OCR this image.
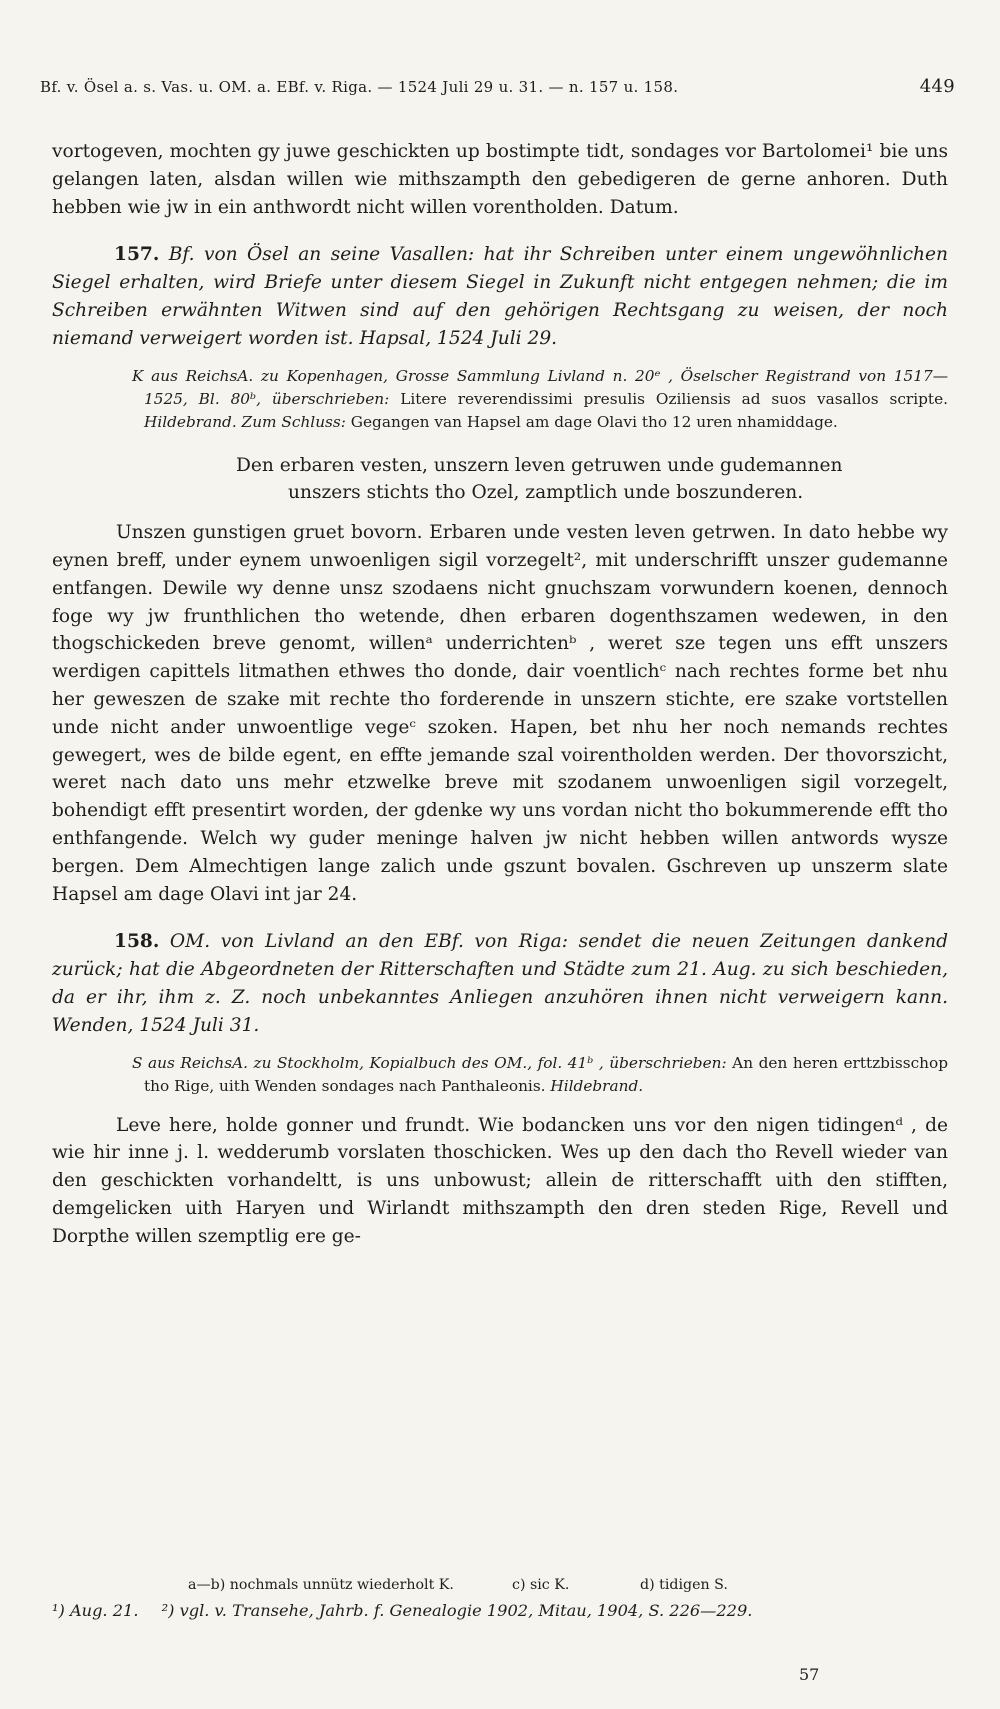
Bf. v. Ösel a. s. Vas. u. OM. a. EBf. v. Riga. — 1524 Juli 29 u. 31. — n. 157 u. 158.	449

vortogeven, mochten gy juwe geschickten up bostimpte tidt, sondages vor Bartolomei¹ bie uns gelangen laten, alsdan willen wie mithszampth den gebedigeren de gerne anhoren. Duth hebben wie jw in ein anthwordt nicht willen vorentholden. Datum.

157. Bf. von Ösel an seine Vasallen: hat ihr Schreiben unter einem ungewöhnlichen Siegel erhalten, wird Briefe unter diesem Siegel in Zukunft nicht entgegen nehmen; die im Schreiben erwähnten Witwen sind auf den gehörigen Rechtsgang zu weisen, der noch niemand verweigert worden ist. Hapsal, 1524 Juli 29.

K aus ReichsA. zu Kopenhagen, Grosse Sammlung Livland n. 20ᵉ , Öselscher Registrand von 1517—1525, Bl. 80ᵇ, überschrieben: Litere reverendissimi presulis Oziliensis ad suos vasallos scripte. Hildebrand. Zum Schluss: Gegangen van Hapsel am dage Olavi tho 12 uren nhamiddage.

Den erbaren vesten, unszern leven getruwen unde gudemannen
unszers stichts tho Ozel, zamptlich unde boszunderen.

Unszen gunstigen gruet bovorn. Erbaren unde vesten leven getrwen. In dato hebbe wy eynen breff, under eynem unwoenligen sigil vorzegelt², mit underschrifft unszer gudemanne entfangen. Dewile wy denne unsz szodaens nicht gnuchszam vorwundern koenen, dennoch foge wy jw frunthlichen tho wetende, dhen erbaren dogenthszamen wedewen, in den thogschickeden breve genomt, willenᵃ underrichtenᵇ , weret sze tegen uns efft unszers werdigen capittels litmathen ethwes tho donde, dair voentlichᶜ nach rechtes forme bet nhu her geweszen de szake mit rechte tho forderende in unszern stichte, ere szake vortstellen unde nicht ander unwoentlige vegeᶜ szoken. Hapen, bet nhu her noch nemands rechtes gewegert, wes de bilde egent, en effte jemande szal voirentholden werden. Der thovorszicht, weret nach dato uns mehr etzwelke breve mit szodanem unwoenligen sigil vorzegelt, bohendigt efft presentirt worden, der gdenke wy uns vordan nicht tho bokummerende efft tho enthfangende. Welch wy guder meninge halven jw nicht hebben willen antwords wysze bergen. Dem Almechtigen lange zalich unde gszunt bovalen. Gschreven up unszerm slate Hapsel am dage Olavi int jar 24.

158. OM. von Livland an den EBf. von Riga: sendet die neuen Zeitungen dankend zurück; hat die Abgeordneten der Ritterschaften und Städte zum 21. Aug. zu sich beschieden, da er ihr, ihm z. Z. noch unbekanntes Anliegen anzuhören ihnen nicht verweigern kann. Wenden, 1524 Juli 31.

S aus ReichsA. zu Stockholm, Kopialbuch des OM., fol. 41ᵇ , überschrieben: An den heren erttzbisschop tho Rige, uith Wenden sondages nach Panthaleonis. Hildebrand.

Leve here, holde gonner und frundt. Wie bodancken uns vor den nigen tidingenᵈ , de wie hir inne j. l. wedderumb vorslaten thoschicken. Wes up den dach tho Revell wieder van den geschickten vorhandeltt, is uns unbowust; allein de ritterschafft uith den stifften, demgelicken uith Haryen und Wirlandt mithszampth den dren steden Rige, Revell und Dorpthe willen szemptlig ere ge-

a—b) nochmals unnütz wiederholt K.	c) sic K.	d) tidigen S.
¹) Aug. 21. ²) vgl. v. Transehe, Jahrb. f. Genealogie 1902, Mitau, 1904, S. 226—229.
57
